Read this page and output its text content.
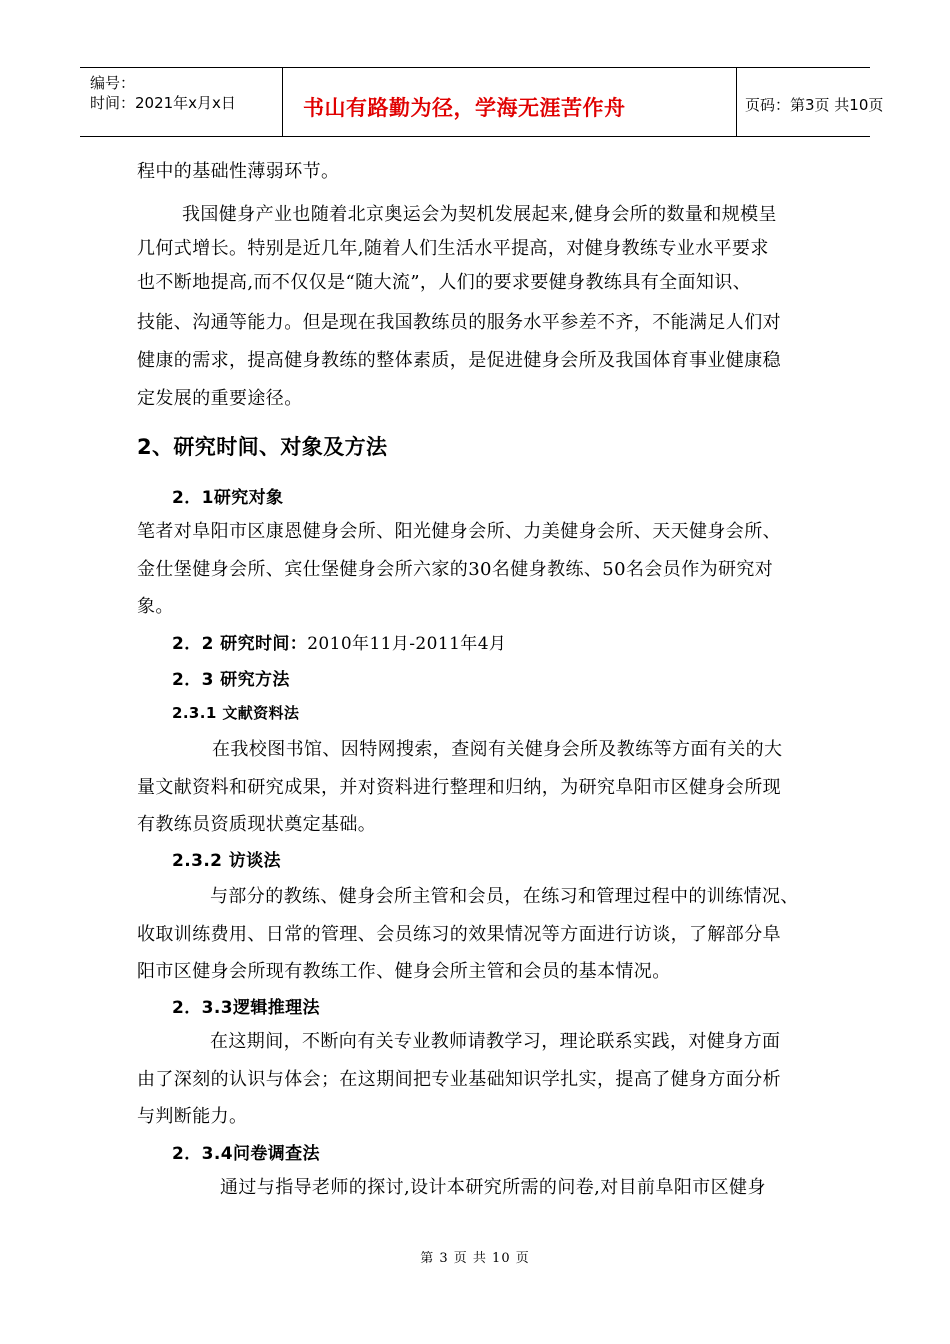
编号：
时间：2021年x月x日	书山有路勤为径，学海无涯苦作舟	页码：第3页 共10页
程中的基础性薄弱环节。
我国健身产业也随着北京奥运会为契机发展起来,健身会所的数量和规模呈
几何式增长。特别是近几年,随着人们生活水平提高，对健身教练专业水平要求
也不断地提高,而不仅仅是“随大流”，人们的要求要健身教练具有全面知识、
技能、沟通等能力。但是现在我国教练员的服务水平参差不齐，不能满足人们对
健康的需求，提高健身教练的整体素质，是促进健身会所及我国体育事业健康稳
定发展的重要途径。
2、研究时间、对象及方法
2．1研究对象
笔者对阜阳市区康恩健身会所、阳光健身会所、力美健身会所、天天健身会所、
金仕堡健身会所、宾仕堡健身会所六家的30名健身教练、50名会员作为研究对
象。
2．2 研究时间：2010年11月-2011年4月
2．3 研究方法
2.3.1 文献资料法
在我校图书馆、因特网搜索，查阅有关健身会所及教练等方面有关的大
量文献资料和研究成果，并对资料进行整理和归纳，为研究阜阳市区健身会所现
有教练员资质现状奠定基础。
2.3.2 访谈法
与部分的教练、健身会所主管和会员，在练习和管理过程中的训练情况、
收取训练费用、日常的管理、会员练习的效果情况等方面进行访谈，了解部分阜
阳市区健身会所现有教练工作、健身会所主管和会员的基本情况。
2．3.3逻辑推理法
在这期间，不断向有关专业教师请教学习，理论联系实践，对健身方面
由了深刻的认识与体会；在这期间把专业基础知识学扎实，提高了健身方面分析
与判断能力。
2．3.4问卷调查法
通过与指导老师的探讨,设计本研究所需的问卷,对目前阜阳市区健身
第 3 页 共 10 页
